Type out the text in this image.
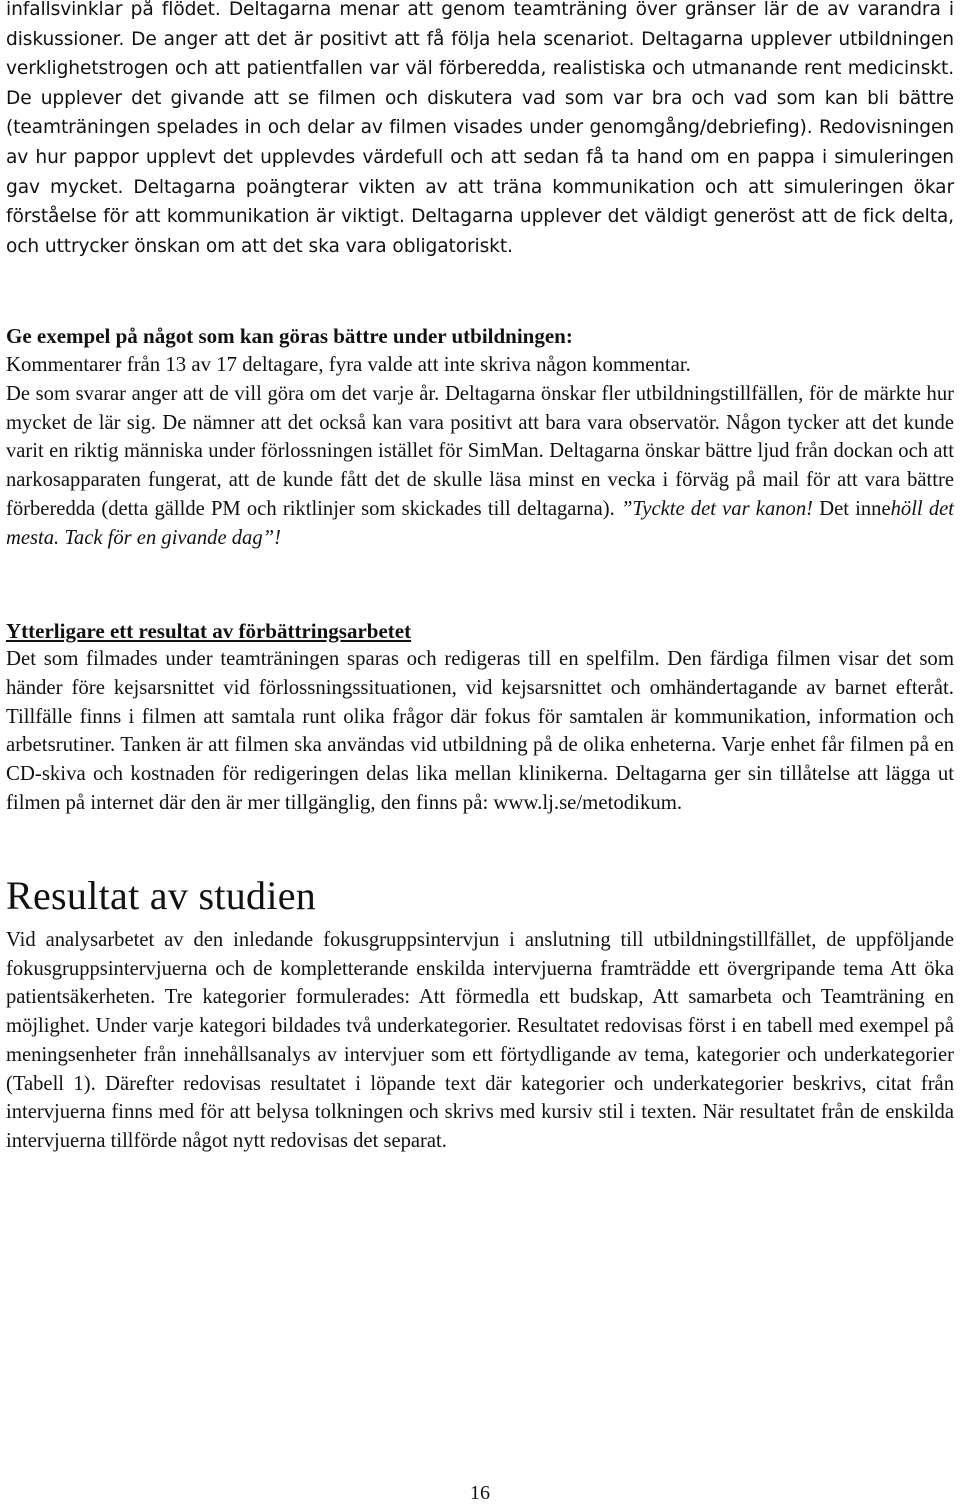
infallsvinklar på flödet. Deltagarna menar att genom teamträning över gränser lär de av varandra i diskussioner. De anger att det är positivt att få följa hela scenariot. Deltagarna upplever utbildningen verklighetstrogen och att patientfallen var väl förberedda, realistiska och utmanande rent medicinskt. De upplever det givande att se filmen och diskutera vad som var bra och vad som kan bli bättre (teamträningen spelades in och delar av filmen visades under genomgång/debriefing). Redovisningen av hur pappor upplevt det upplevdes värdefull och att sedan få ta hand om en pappa i simuleringen gav mycket. Deltagarna poängterar vikten av att träna kommunikation och att simuleringen ökar förståelse för att kommunikation är viktigt. Deltagarna upplever det väldigt generöst att de fick delta, och uttrycker önskan om att det ska vara obligatoriskt.

Ge exempel på något som kan göras bättre under utbildningen:

Kommentarer från 13 av 17 deltagare, fyra valde att inte skriva någon kommentar.

De som svarar anger att de vill göra om det varje år. Deltagarna önskar fler utbildningstillfällen, för de märkte hur mycket de lär sig. De nämner att det också kan vara positivt att bara vara observatör. Någon tycker att det kunde varit en riktig människa under förlossningen istället för SimMan. Deltagarna önskar bättre ljud från dockan och att narkosapparaten fungerat, att de kunde fått det de skulle läsa minst en vecka i förväg på mail för att vara bättre förberedda (detta gällde PM och riktlinjer som skickades till deltagarna). ”Tyckte det var kanon! Det innehöll det mesta. Tack för en givande dag”!

Ytterligare ett resultat av förbättringsarbetet

Det som filmades under teamträningen sparas och redigeras till en spelfilm. Den färdiga filmen visar det som händer före kejsarsnittet vid förlossningssituationen, vid kejsarsnittet och omhändertagande av barnet efteråt. Tillfälle finns i filmen att samtala runt olika frågor där fokus för samtalen är kommunikation, information och arbetsrutiner. Tanken är att filmen ska användas vid utbildning på de olika enheterna. Varje enhet får filmen på en CD-skiva och kostnaden för redigeringen delas lika mellan klinikerna. Deltagarna ger sin tillåtelse att lägga ut filmen på internet där den är mer tillgänglig, den finns på: www.lj.se/metodikum.

Resultat av studien

Vid analysarbetet av den inledande fokusgruppsintervjun i anslutning till utbildningstillfället, de uppföljande fokusgruppsintervjuerna och de kompletterande enskilda intervjuerna framträdde ett övergripande tema Att öka patientsäkerheten. Tre kategorier formulerades: Att förmedla ett budskap, Att samarbeta och Teamträning en möjlighet. Under varje kategori bildades två underkategorier. Resultatet redovisas först i en tabell med exempel på meningsenheter från innehållsanalys av intervjuer som ett förtydligande av tema, kategorier och underkategorier (Tabell 1). Därefter redovisas resultatet i löpande text där kategorier och underkategorier beskrivs, citat från intervjuerna finns med för att belysa tolkningen och skrivs med kursiv stil i texten. När resultatet från de enskilda intervjuerna tillförde något nytt redovisas det separat.

16
